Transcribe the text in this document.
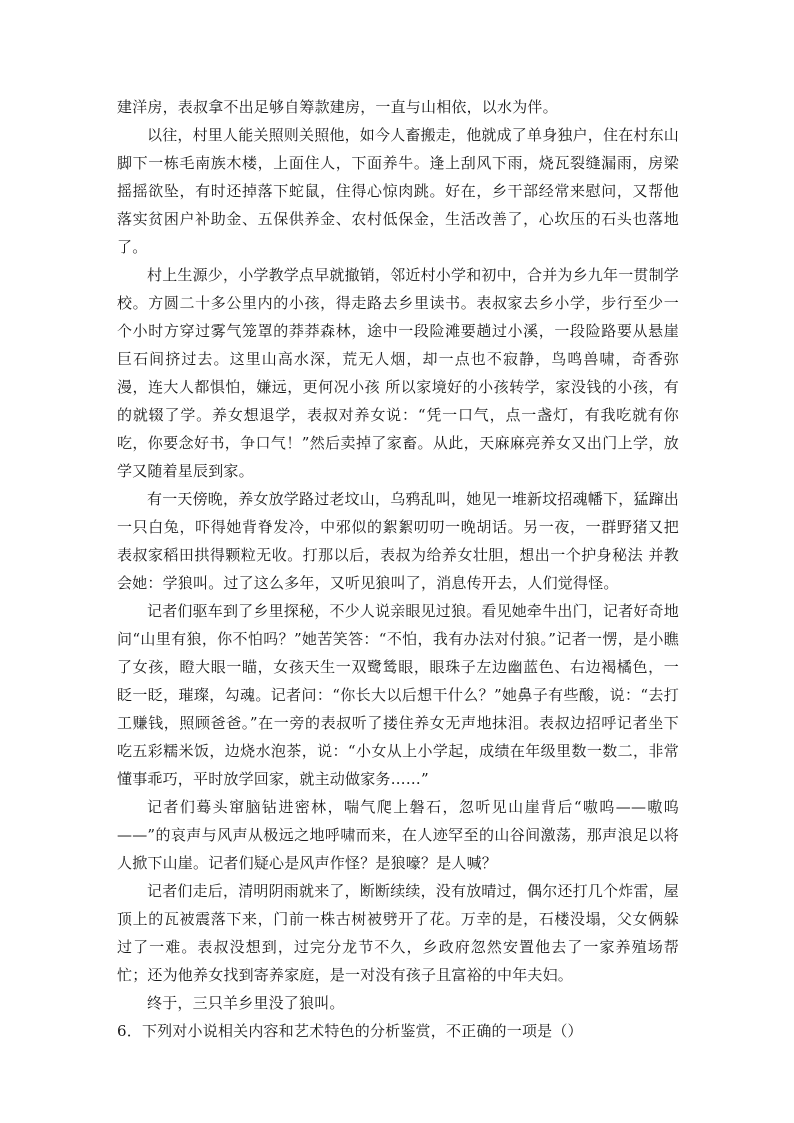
建洋房，表叔拿不出足够自筹款建房，一直与山相依，以水为伴。

以往，村里人能关照则关照他，如今人畜搬走，他就成了单身独户，住在村东山脚下一栋毛南族木楼，上面住人，下面养牛。逢上刮风下雨，烧瓦裂缝漏雨，房梁摇摇欲坠，有时还掉落下蛇鼠，住得心惊肉跳。好在，乡干部经常来慰问，又帮他落实贫困户补助金、五保供养金、农村低保金，生活改善了，心坎压的石头也落地了。

村上生源少，小学教学点早就撤销，邻近村小学和初中，合并为乡九年一贯制学校。方圆二十多公里内的小孩，得走路去乡里读书。表叔家去乡小学，步行至少一个小时方穿过雾气笼罩的莽莽森林，途中一段险滩要趟过小溪，一段险路要从悬崖巨石间挤过去。这里山高水深，荒无人烟，却一点也不寂静，鸟鸣兽啸，奇香弥漫，连大人都惧怕，嫌远，更何况小孩 所以家境好的小孩转学，家没钱的小孩，有的就辍了学。养女想退学，表叔对养女说：“凭一口气，点一盏灯，有我吃就有你吃，你要念好书，争口气！”然后卖掉了家畜。从此，天麻麻亮养女又出门上学，放学又随着星辰到家。

有一天傍晚，养女放学路过老坟山，乌鸦乱叫，她见一堆新坟招魂幡下，猛蹿出一只白兔，吓得她背脊发冷，中邪似的絮絮叨叨一晚胡话。另一夜，一群野猪又把表叔家稻田拱得颗粒无收。打那以后，表叔为给养女壮胆，想出一个护身秘法 并教会她：学狼叫。过了这么多年，又听见狼叫了，消息传开去，人们觉得怪。

记者们驱车到了乡里探秘，不少人说亲眼见过狼。看见她牵牛出门，记者好奇地问“山里有狼，你不怕吗？”她苦笑答：“不怕，我有办法对付狼。”记者一愣，是小瞧了女孩，瞪大眼一瞄，女孩天生一双鹭鸶眼，眼珠子左边幽蓝色、右边褐橘色，一眨一眨，璀璨，勾魂。记者问：“你长大以后想干什么？”她鼻子有些酸，说：“去打工赚钱，照顾爸爸。”在一旁的表叔听了搂住养女无声地抹泪。表叔边招呼记者坐下吃五彩糯米饭，边烧水泡茶，说：“小女从上小学起，成绩在年级里数一数二，非常懂事乖巧，平时放学回家，就主动做家务……”

记者们蓦头窜脑钻进密林，喘气爬上磐石，忽听见山崖背后“嗷呜——嗷呜——”的哀声与风声从极远之地呼啸而来，在人迹罕至的山谷间激荡，那声浪足以将人掀下山崖。记者们疑心是风声作怪？是狼嚎？是人喊？

记者们走后，清明阴雨就来了，断断续续，没有放晴过，偶尔还打几个炸雷，屋顶上的瓦被震落下来，门前一株古树被劈开了花。万幸的是，石楼没塌，父女俩躲过了一难。表叔没想到，过完分龙节不久，乡政府忽然安置他去了一家养殖场帮忙；还为他养女找到寄养家庭，是一对没有孩子且富裕的中年夫妇。

终于，三只羊乡里没了狼叫。

6．下列对小说相关内容和艺术特色的分析鉴赏，不正确的一项是（）
